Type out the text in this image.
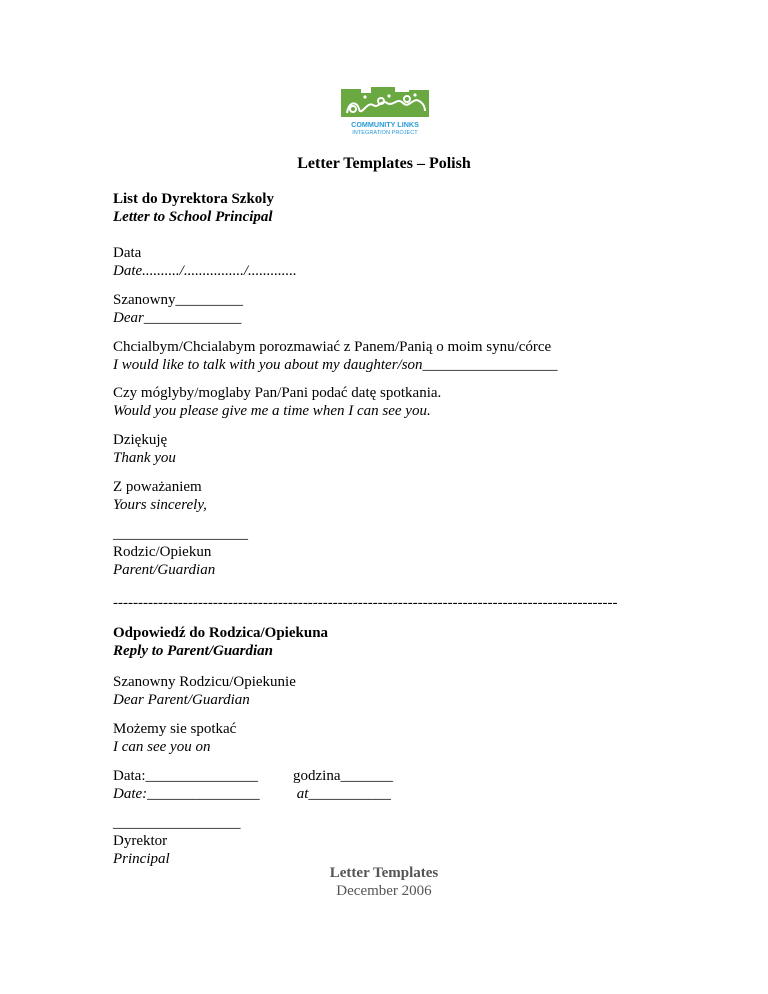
COMMUNITY LINKS
INTEGRATION PROJECT
Letter Templates – Polish
List do Dyrektora Szkoly
Letter to School Principal
Data
Date........../................/.............
Szanowny_________
Dear_____________
Chcialbym/Chcialabym porozmawiać z Panem/Panią o moim synu/córce
I would like to talk with you about my daughter/son__________________
Czy móglyby/moglaby Pan/Pani podać datę spotkania.
Would you please give me a time when I can see you.
Dziękuję
Thank you
Z poważaniem
Yours sincerely,
__________________
Rodzic/Opiekun
Parent/Guardian
-----------------------------------------------------------------------------------------------------
Odpowiedź do Rodzica/Opiekuna
Reply to Parent/Guardian
Szanowny Rodzicu/Opiekunie
Dear Parent/Guardian
Możemy sie spotkać
I can see you on
Data:_______________
Date:_______________
godzina_______
at___________
_________________
Dyrektor
Principal
Letter Templates
December 2006
